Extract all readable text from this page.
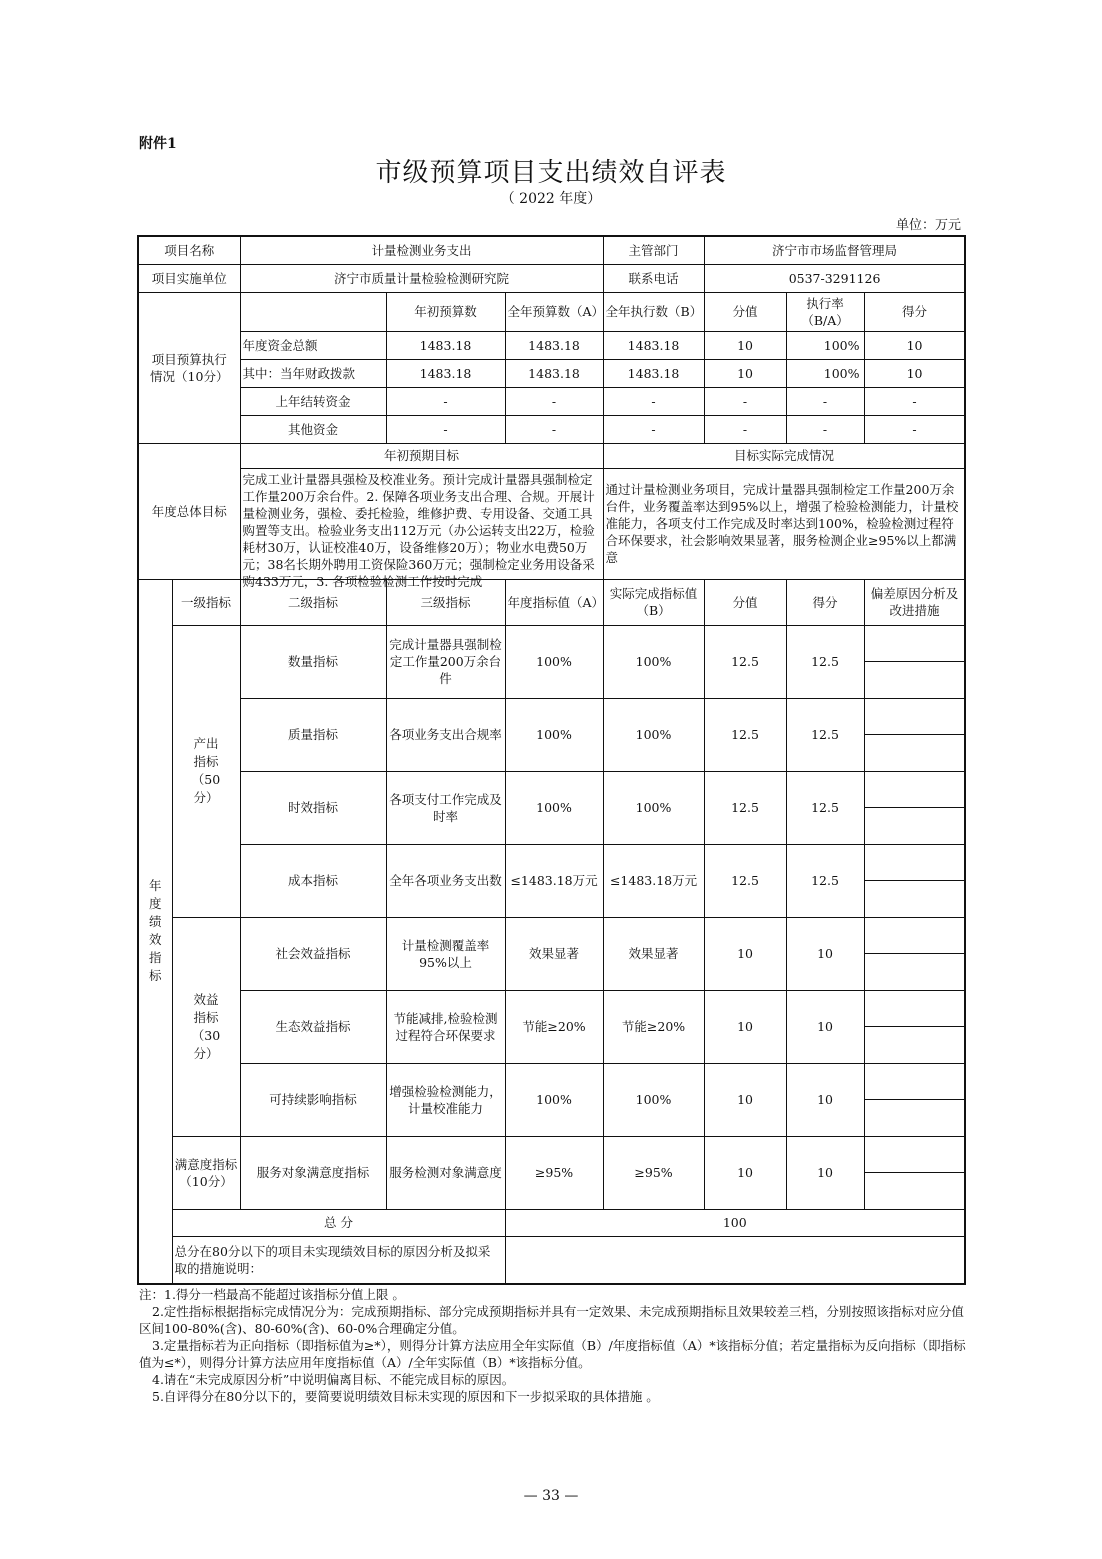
附件1
市级预算项目支出绩效自评表
（ 2022 年度）
单位：万元
项目名称		计量检测业务支出			主管部门	济宁市市场监督管理局		
项目实施单位		济宁市质量计量检验检测研究院			联系电话	0537-3291126		
项目预算执行情况（10分）			年初预算数	全年预算数（A）	全年执行数（B）	分值	执行率（B/A）	得分
		年度资金总额	1483.18	1483.18	1483.18	10	100%	10
		其中：当年财政拨款	1483.18	1483.18	1483.18	10	100%	10
		上年结转资金	-	-	-	-	-	-
		其他资金	-	-	-	-	-	-
年度总体目标		年初预期目标			目标实际完成情况			

		完成工业计量器具强检及校准业务。预计完成计量器具强制检定工作量200万余台件。2. 保障各项业务支出合理、合规。开展计量检测业务，强检、委托检验，维修护费、专用设备、交通工具购置等支出。检验业务支出112万元（办公运转支出22万，检验耗材30万，认证校准40万，设备维修20万）；物业水电费50万元；38名长期外聘用工资保险360万元；强制检定业务用设备采购433万元，3. 各项检验检测工作按时完成			通过计量检测业务项目，完成计量器具强制检定工作量200万余台件，业务覆盖率达到95%以上，增强了检验检测能力，计量校准能力，各项支付工作完成及时率达到100%，检验检测过程符合环保要求，社会影响效果显著，服务检测企业≥95%以上都满意			
年度绩效指标	一级指标	二级指标	三级指标	年度指标值（A）	实际完成指标值（B）	分值	得分	偏差原因分析及改进措施
	产出指标（50分）	数量指标	完成计量器具强制检定工作量200万余台件	100%	100%	12.5	12.5	

		质量指标	各项业务支出合规率	100%	100%	12.5	12.5	

		时效指标	各项支付工作完成及时率	100%	100%	12.5	12.5	

		成本指标	全年各项业务支出数	≤1483.18万元	≤1483.18万元	12.5	12.5	

	效益指标（30分）	社会效益指标	计量检测覆盖率95%以上	效果显著	效果显著	10	10	

		生态效益指标	节能减排,检验检测过程符合环保要求	节能≥20%	节能≥20%	10	10	

		可持续影响指标	增强检验检测能力，计量校准能力	100%	100%	10	10	

	满意度指标（10分）	服务对象满意度指标	服务检测对象满意度	≥95%	≥95%	10	10	

	总 分			100				
	总分在80分以下的项目未实现绩效目标的原因分析及拟采取的措施说明：							
注：1.得分一档最高不能超过该指标分值上限 。
2.定性指标根据指标完成情况分为：完成预期指标、部分完成预期指标并具有一定效果、未完成预期指标且效果较差三档，分别按照该指标对应分值区间100-80%(含)、80-60%(含)、60-0%合理确定分值。
3.定量指标若为正向指标（即指标值为≥*），则得分计算方法应用全年实际值（B）/年度指标值（A）*该指标分值；若定量指标为反向指标（即指标值为≤*），则得分计算方法应用年度指标值（A）/全年实际值（B）*该指标分值。
4.请在“未完成原因分析”中说明偏离目标、不能完成目标的原因。
5.自评得分在80分以下的，要简要说明绩效目标未实现的原因和下一步拟采取的具体措施 。
— 33 —
